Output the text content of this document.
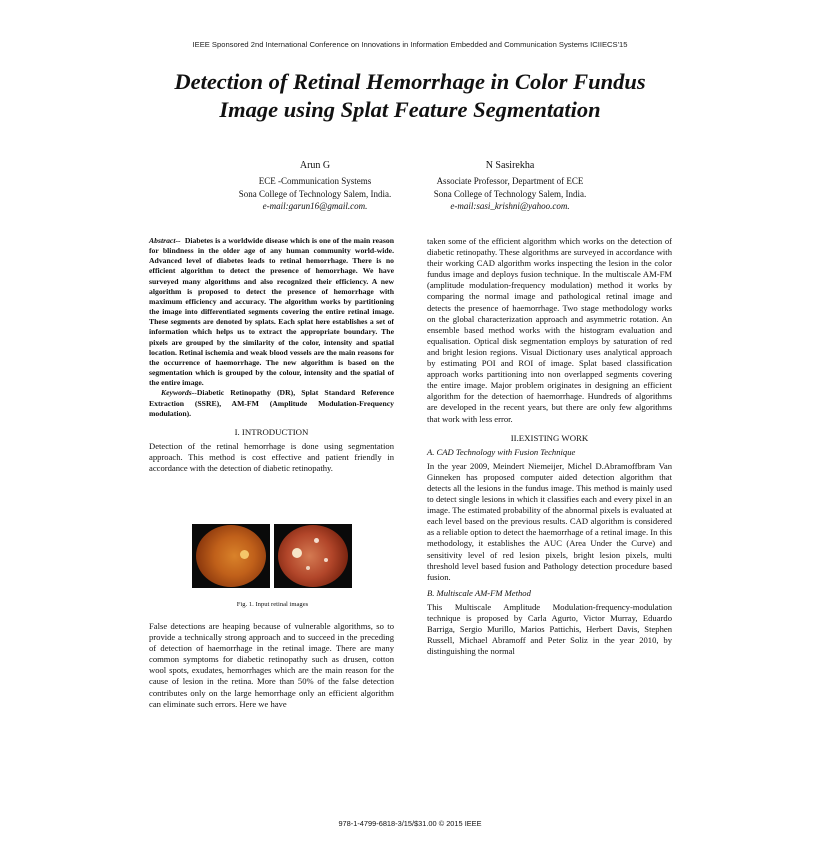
IEEE Sponsored 2nd International Conference on Innovations in Information Embedded and Communication Systems ICIIECS'15
Detection of Retinal Hemorrhage in Color Fundus
Image using Splat Feature Segmentation
Arun G
ECE -Communication Systems
Sona College of Technology Salem, India.
e-mail:garun16@gmail.com.
N Sasirekha
Associate Professor, Department of ECE
Sona College of Technology Salem, India.
e-mail:sasi_krishni@yahoo.com.

Abstract-- Diabetes is a worldwide disease which is one of the main reason for blindness in the older age of any human community world-wide. Advanced level of diabetes leads to retinal hemorrhage. There is no efficient algorithm to detect the presence of hemorrhage. We have surveyed many algorithms and also recognized their efficiency. A new algorithm is proposed to detect the presence of hemorrhage with maximum efficiency and accuracy. The algorithm works by partitioning the image into differentiated segments covering the entire retinal image. These segments are denoted by splats. Each splat here establishes a set of information which helps us to extract the appropriate boundary. The pixels are grouped by the similarity of the color, intensity and spatial location. Retinal ischemia and weak blood vessels are the main reasons for the occurrence of haemorrhage. The new algorithm is based on the segmentation which is grouped by the colour, intensity and the spatial of the entire image.

Keywords--Diabetic Retinopathy (DR), Splat Standard Reference Extraction (SSRE), AM-FM (Amplitude Modulation-Frequency modulation).

I. INTRODUCTION

Detection of the retinal hemorrhage is done using segmentation approach. This method is cost effective and patient friendly in accordance with the detection of diabetic retinopathy.

Fig. 1. Input retinal images

False detections are heaping because of vulnerable algorithms, so to provide a technically strong approach and to succeed in the preceding of detection of haemorrhage in the retinal image. There are many common symptoms for diabetic retinopathy such as drusen, cotton wool spots, exudates, hemorrhages which are the main reason for the cause of lesion in the retina. More than 50% of the false detection contributes only on the large hemorrhage only an efficient algorithm can eliminate such errors. Here we have

taken some of the efficient algorithm which works on the detection of diabetic retinopathy. These algorithms are surveyed in accordance with their working CAD algorithm works inspecting the lesion in the color fundus image and deploys fusion technique. In the multiscale AM-FM (amplitude modulation-frequency modulation) method it works by comparing the normal image and pathological retinal image and detects the presence of haemorrhage. Two stage methodology works on the global characterization approach and asymmetric rotation. An ensemble based method works with the histogram evaluation and equalisation. Optical disk segmentation employs by saturation of red and bright lesion regions. Visual Dictionary uses analytical approach by estimating POI and ROI of image. Splat based classification approach works partitioning into non overlapped segments covering the entire image. Major problem originates in designing an efficient algorithm for the detection of haemorrhage. Hundreds of algorithms are developed in the recent years, but there are only few algorithms that work with less error.

II.EXISTING WORK

A. CAD Technology with Fusion Technique

In the year 2009, Meindert Niemeijer, Michel D.Abramoffbram Van Ginneken has proposed computer aided detection algorithm that detects all the lesions in the fundus image. This method is mainly used to detect single lesions in which it classifies each and every pixel in an image. The estimated probability of the abnormal pixels is evaluated at each level based on the previous results. CAD algorithm is considered as a reliable option to detect the haemorrhage of a retinal image. In this methodology, it establishes the AUC (Area Under the Curve) and sensitivity level of red lesion pixels, bright lesion pixels, multi threshold level based fusion and Pathology detection procedure based fusion.

B. Multiscale AM-FM Method

This Multiscale Amplitude Modulation-frequency-modulation technique is proposed by Carla Agurto, Victor Murray, Eduardo Barriga, Sergio Murillo, Marios Pattichis, Herbert Davis, Stephen Russell, Michael Abramoff and Peter Soliz in the year 2010, by distinguishing the normal

978-1-4799-6818-3/15/$31.00 © 2015 IEEE
